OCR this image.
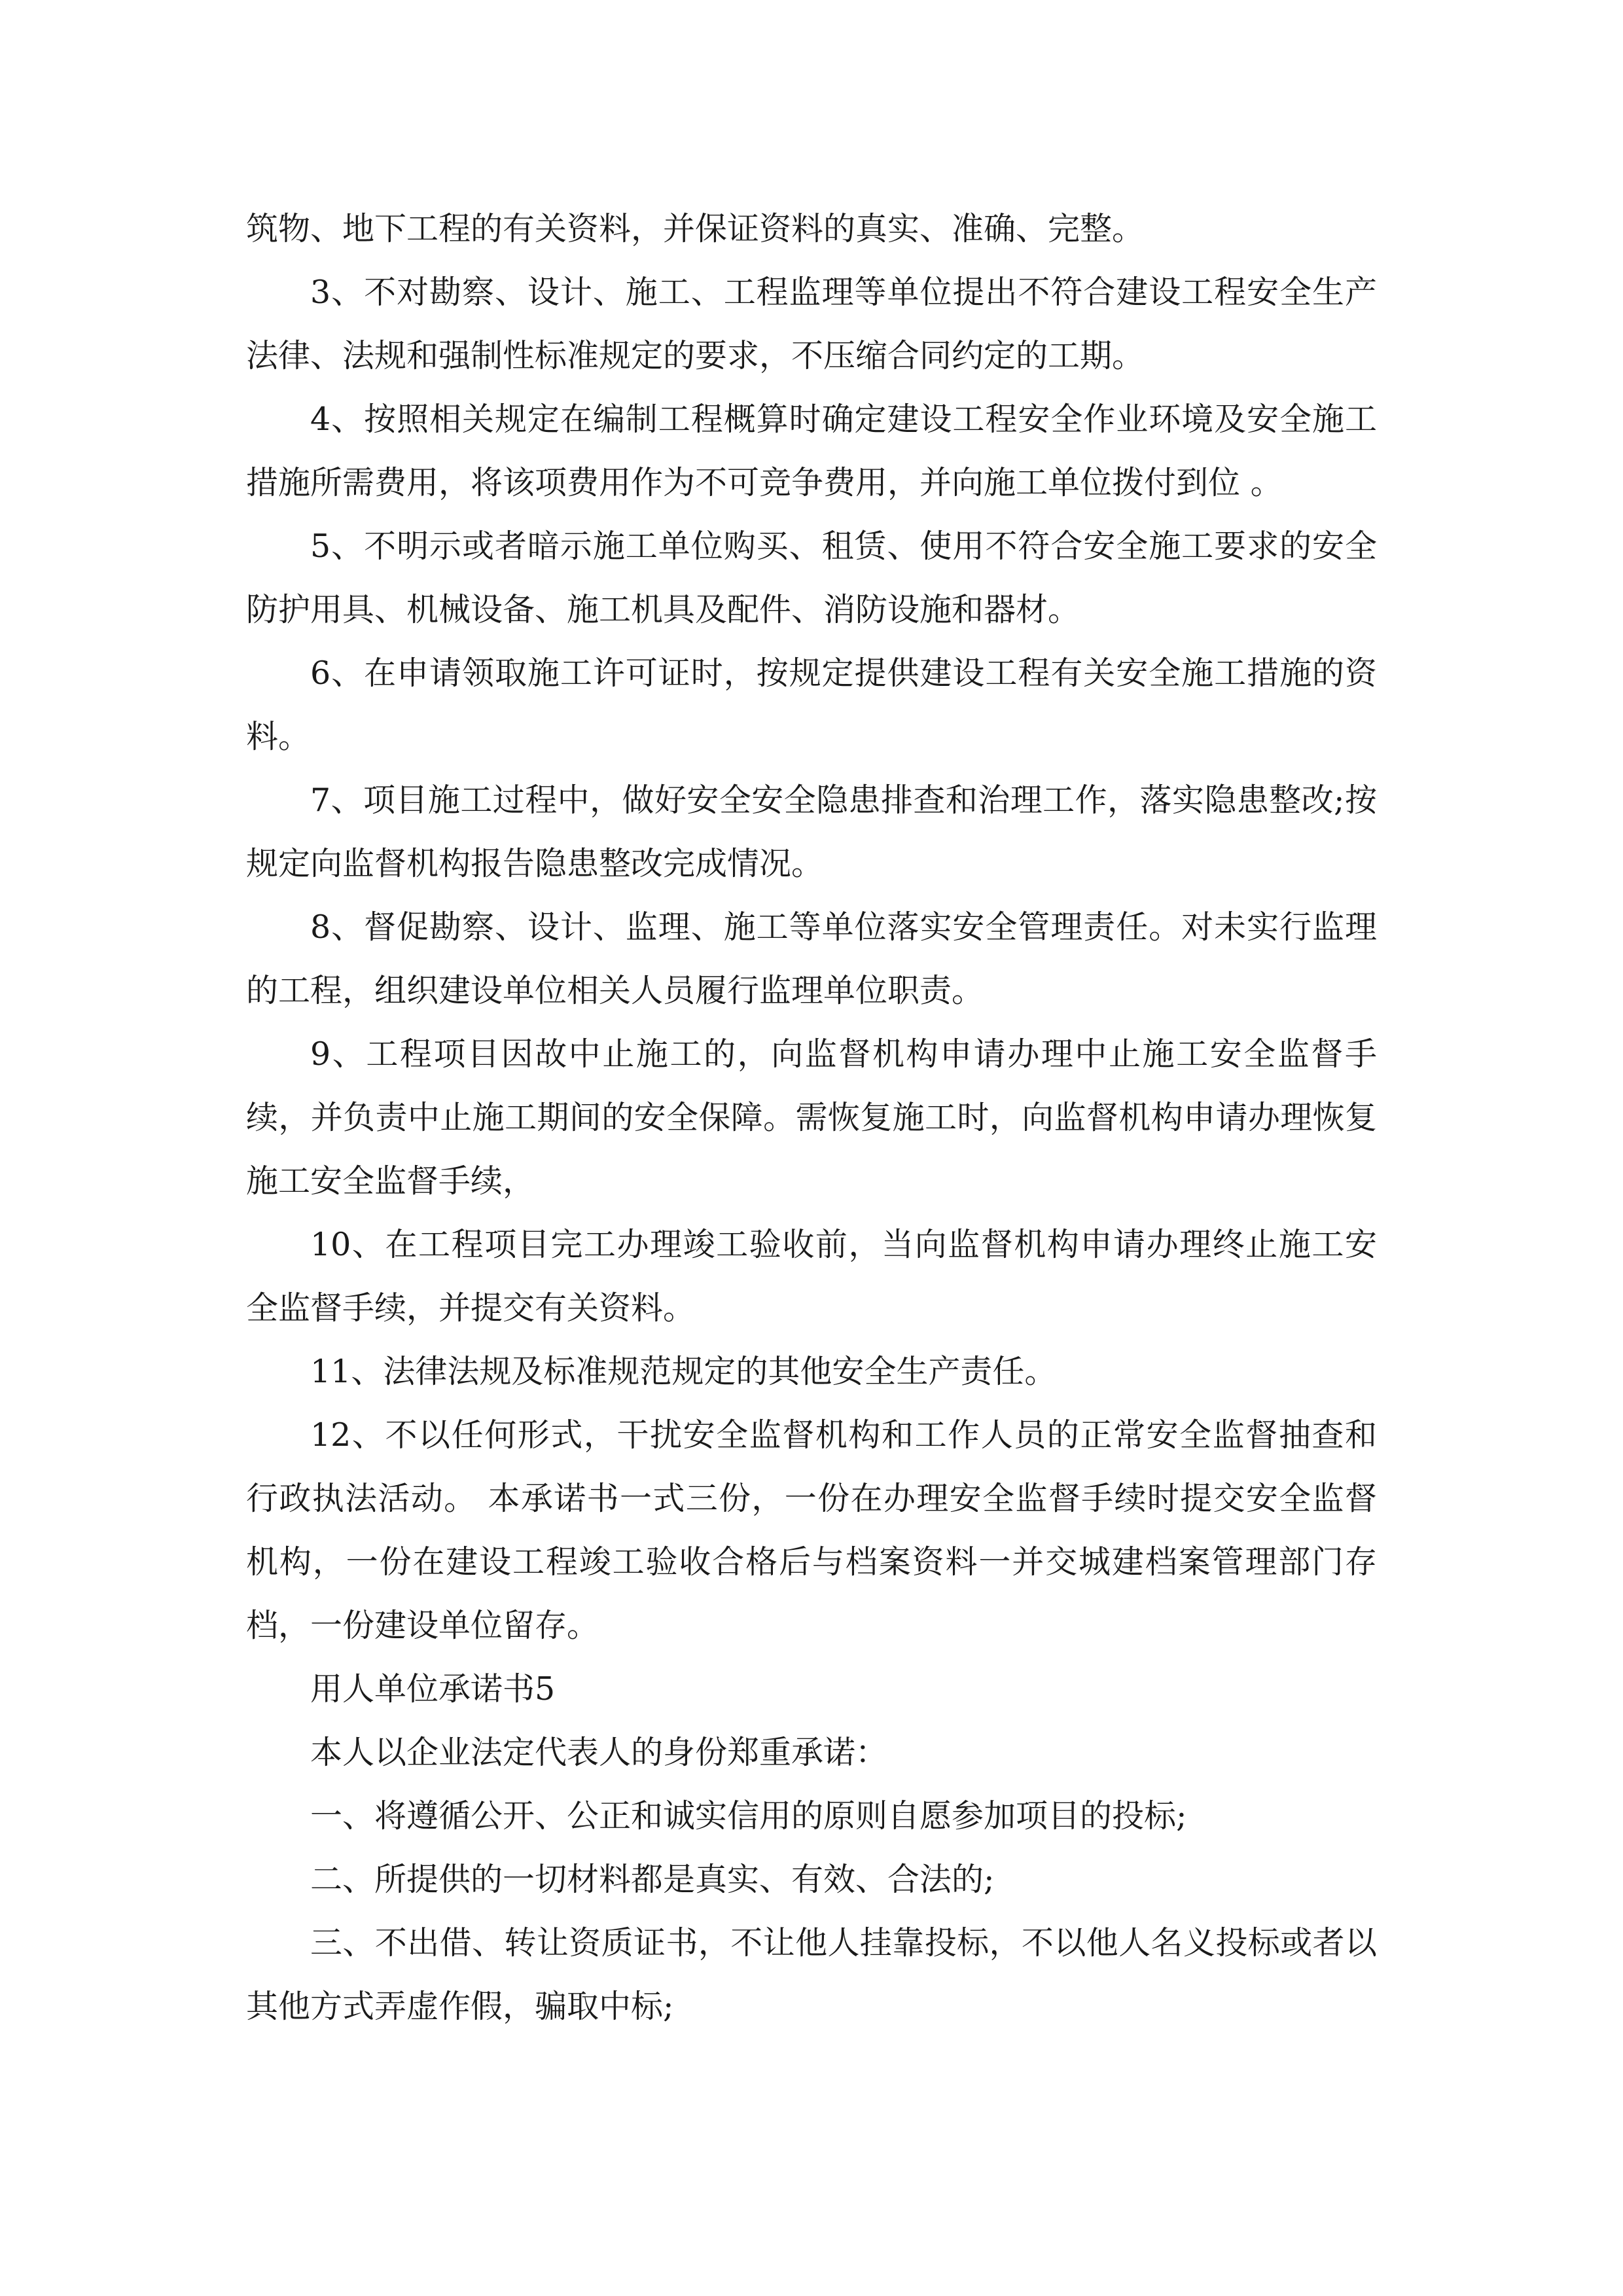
筑物、地下工程的有关资料，并保证资料的真实、准确、完整。

3、不对勘察、设计、施工、工程监理等单位提出不符合建设工程安全生产法律、法规和强制性标准规定的要求，不压缩合同约定的工期。

4、按照相关规定在编制工程概算时确定建设工程安全作业环境及安全施工措施所需费用，将该项费用作为不可竞争费用，并向施工单位拨付到位 。

5、不明示或者暗示施工单位购买、租赁、使用不符合安全施工要求的安全防护用具、机械设备、施工机具及配件、消防设施和器材。

6、在申请领取施工许可证时，按规定提供建设工程有关安全施工措施的资料。

7、项目施工过程中，做好安全安全隐患排查和治理工作，落实隐患整改;按规定向监督机构报告隐患整改完成情况。

8、督促勘察、设计、监理、施工等单位落实安全管理责任。对未实行监理的工程，组织建设单位相关人员履行监理单位职责。

9、工程项目因故中止施工的，向监督机构申请办理中止施工安全监督手续，并负责中止施工期间的安全保障。需恢复施工时，向监督机构申请办理恢复施工安全监督手续，

10、在工程项目完工办理竣工验收前，当向监督机构申请办理终止施工安全监督手续，并提交有关资料。

11、法律法规及标准规范规定的其他安全生产责任。

12、不以任何形式，干扰安全监督机构和工作人员的正常安全监督抽查和行政执法活动。 本承诺书一式三份，一份在办理安全监督手续时提交安全监督机构，一份在建设工程竣工验收合格后与档案资料一并交城建档案管理部门存档，一份建设单位留存。

用人单位承诺书5

本人以企业法定代表人的身份郑重承诺：

一、将遵循公开、公正和诚实信用的原则自愿参加项目的投标;

二、所提供的一切材料都是真实、有效、合法的;

三、不出借、转让资质证书，不让他人挂靠投标，不以他人名义投标或者以其他方式弄虚作假，骗取中标;
